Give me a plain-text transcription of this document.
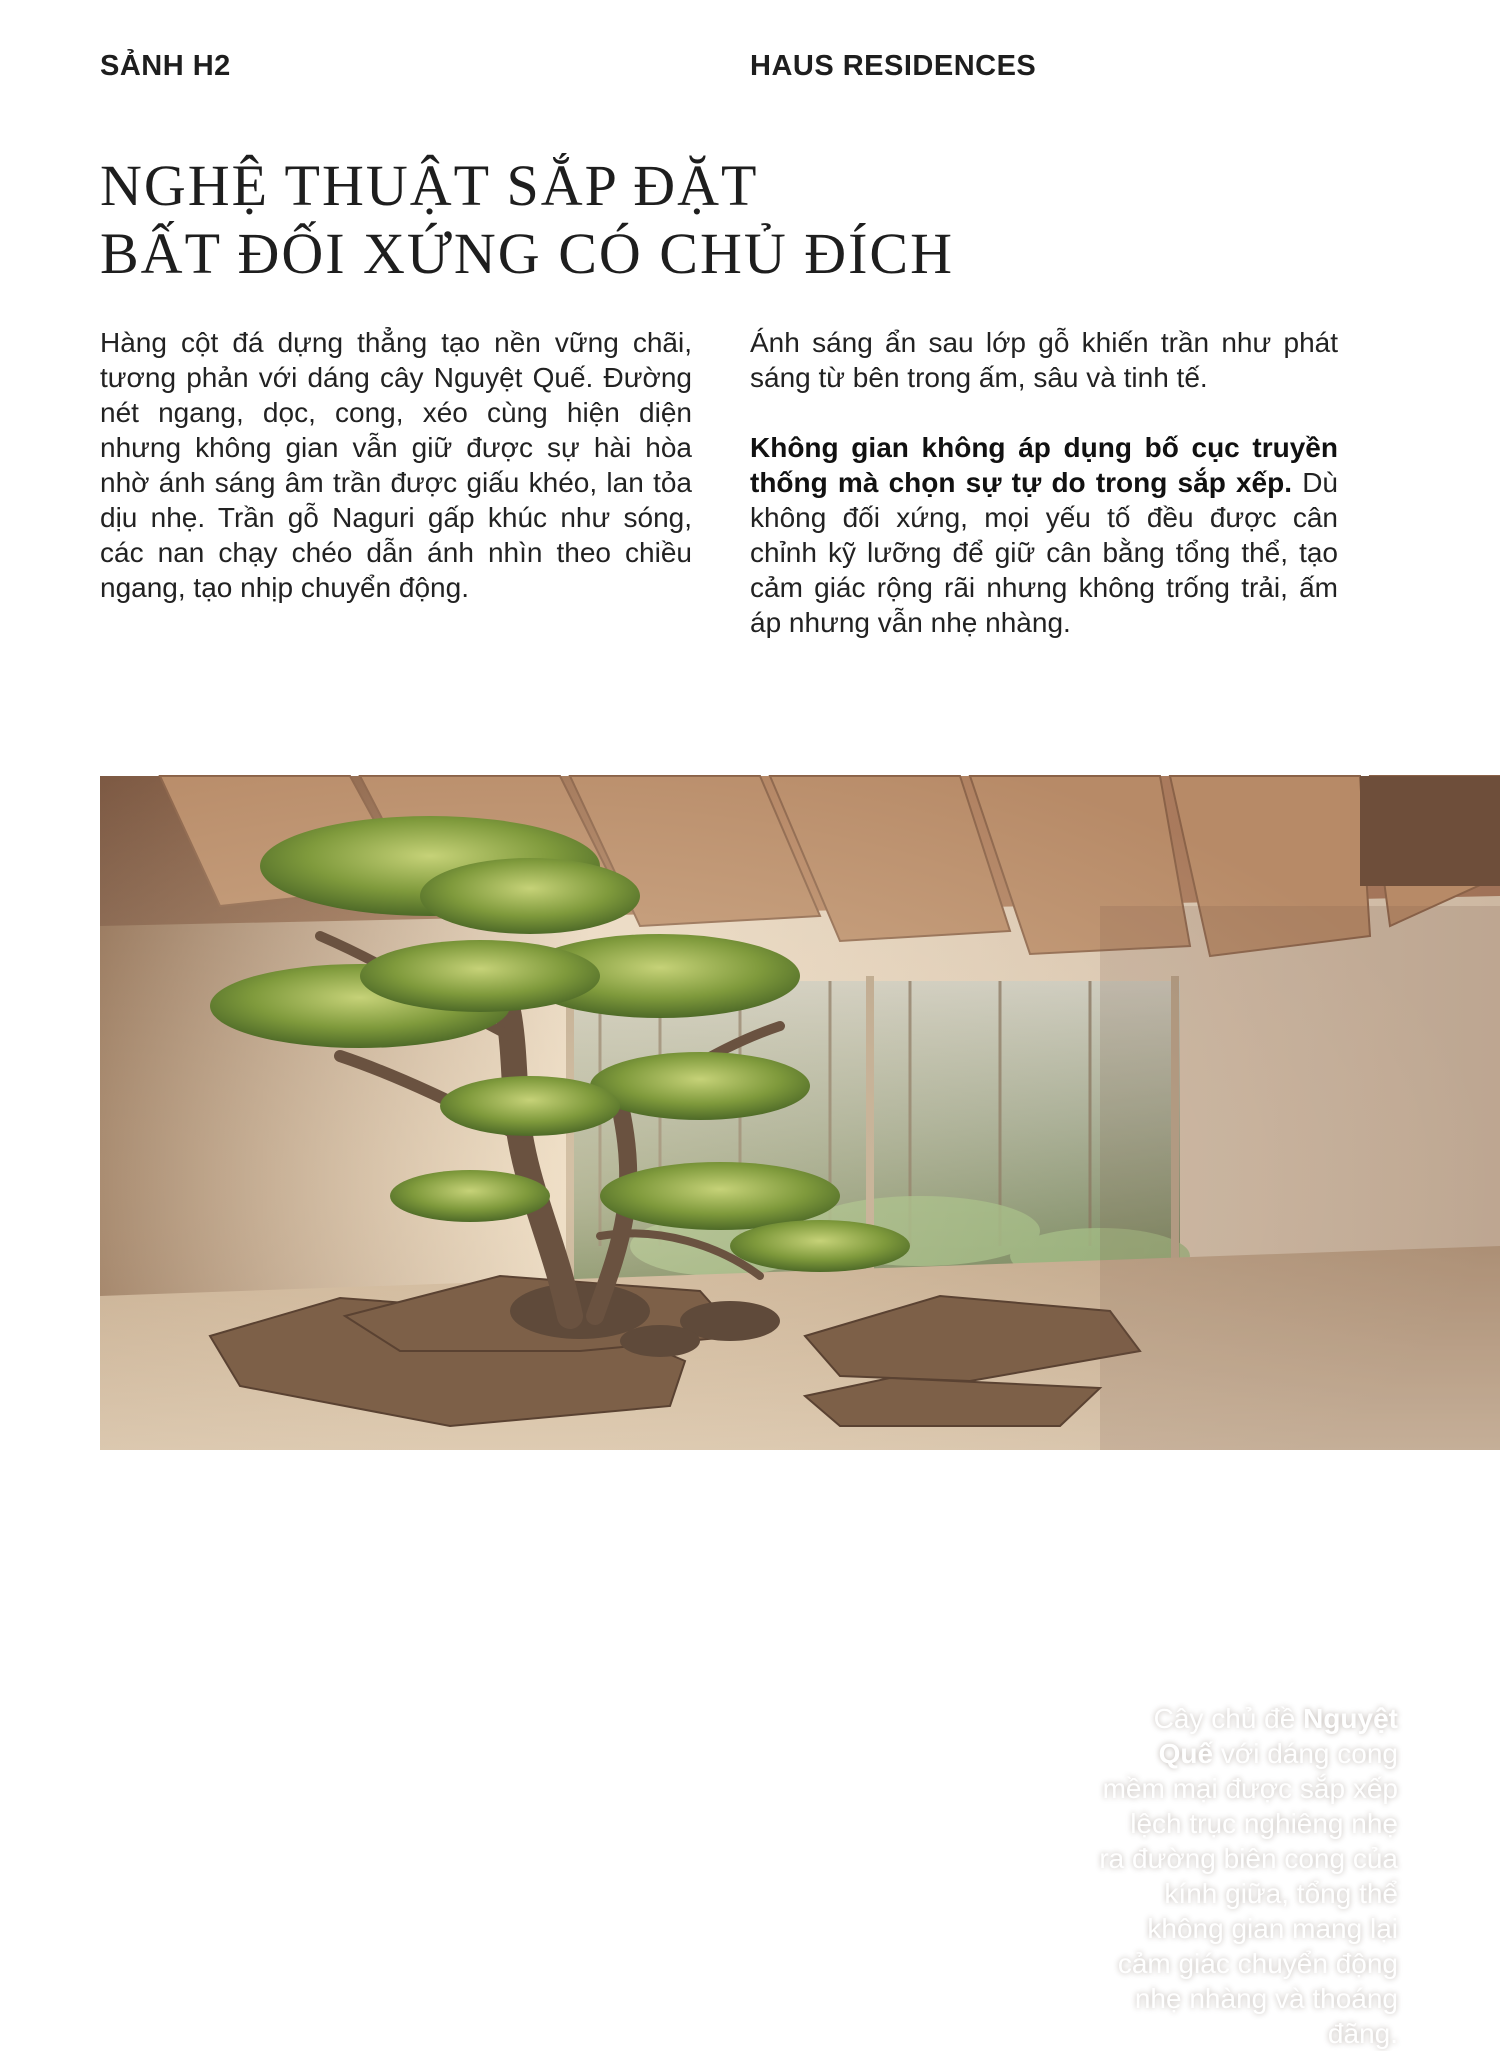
SẢNH H2	HAUS RESIDENCES
NGHỆ THUẬT SẮP ĐẶT
BẤT ĐỐI XỨNG CÓ CHỦ ĐÍCH

Hàng cột đá dựng thẳng tạo nền vững chãi, tương phản với dáng cây Nguyệt Quế. Đường nét ngang, dọc, cong, xéo cùng hiện diện nhưng không gian vẫn giữ được sự hài hòa nhờ ánh sáng âm trần được giấu khéo, lan tỏa dịu nhẹ. Trần gỗ Naguri gấp khúc như sóng, các nan chạy chéo dẫn ánh nhìn theo chiều ngang, tạo nhịp chuyển động.

Ánh sáng ẩn sau lớp gỗ khiến trần như phát sáng từ bên trong ấm, sâu và tinh tế.

Không gian không áp dụng bố cục truyền thống mà chọn sự tự do trong sắp xếp. Dù không đối xứng, mọi yếu tố đều được cân chỉnh kỹ lưỡng để giữ cân bằng tổng thể, tạo cảm giác rộng rãi nhưng không trống trải, ấm áp nhưng vẫn nhẹ nhàng.

Cây chủ đề Nguyệt Quế với dáng cong mềm mại được sắp xếp lệch trục nghiêng nhẹ ra đường biên cong của kính giữa, tổng thể không gian mang lại cảm giác chuyển động nhẹ nhàng và thoáng đãng.
